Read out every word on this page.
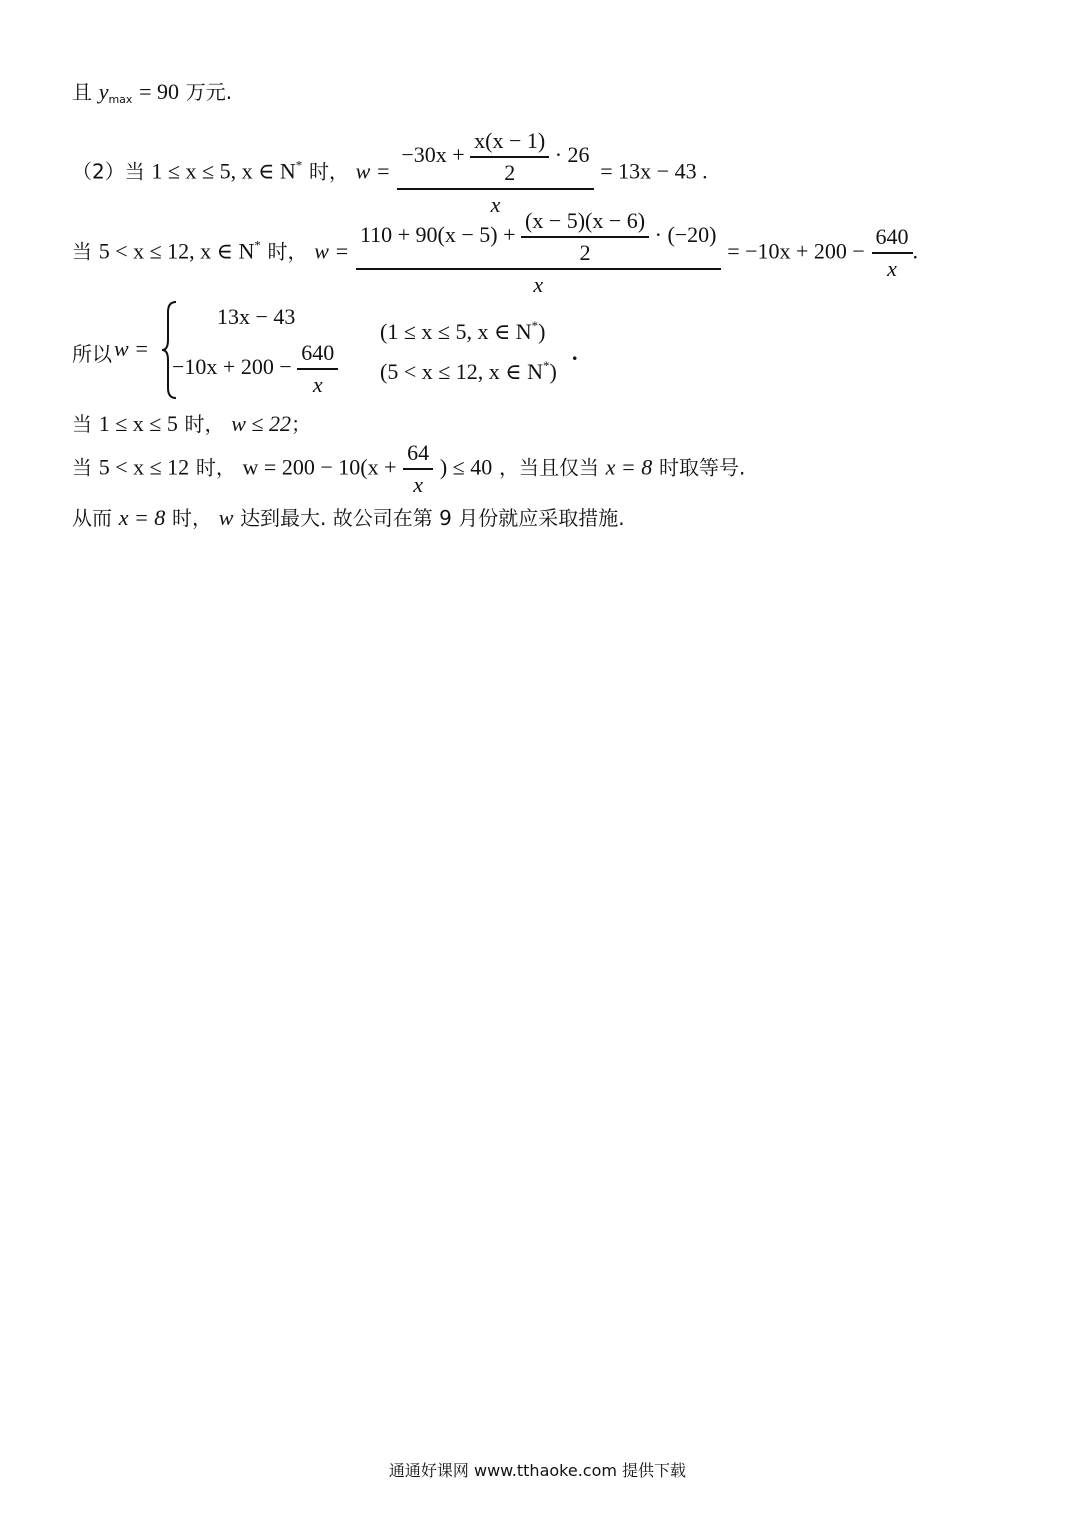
且 $y_{max} = 90$ 万元.
（2）当 1 ≤ x ≤ 5, x ∈ N* 时， w =
$-30x + \frac{x(x - 1)}{2} \cdot 26$
x
= 13x − 43 .
当 5 < x ≤ 12, x ∈ N* 时， w =
$110 + 90(x - 5) + \frac{(x - 5)(x - 6)}{2} \cdot (-20)$
x
= $-10x + 200 - \frac{640}{x}$ .
所以 w =
13x − 43
(1 ≤ x ≤ 5, x ∈ N*)
$-10x + 200 - \frac{640}{x} (5 < x \le 12$, x ∈ N*)
.
当 1 ≤ x ≤ 5 时， w ≤ 22；
当 5 < x ≤ 12 时， $w = 200 - 10(x + \frac{64}{x}$ ) ≤ 40 ，当且仅当 x = 8 时取等号.
从而 x = 8 时， w 达到最大. 故公司在第 9 月份就应采取措施.
通通好课网 www.tthaoke.com 提供下载
